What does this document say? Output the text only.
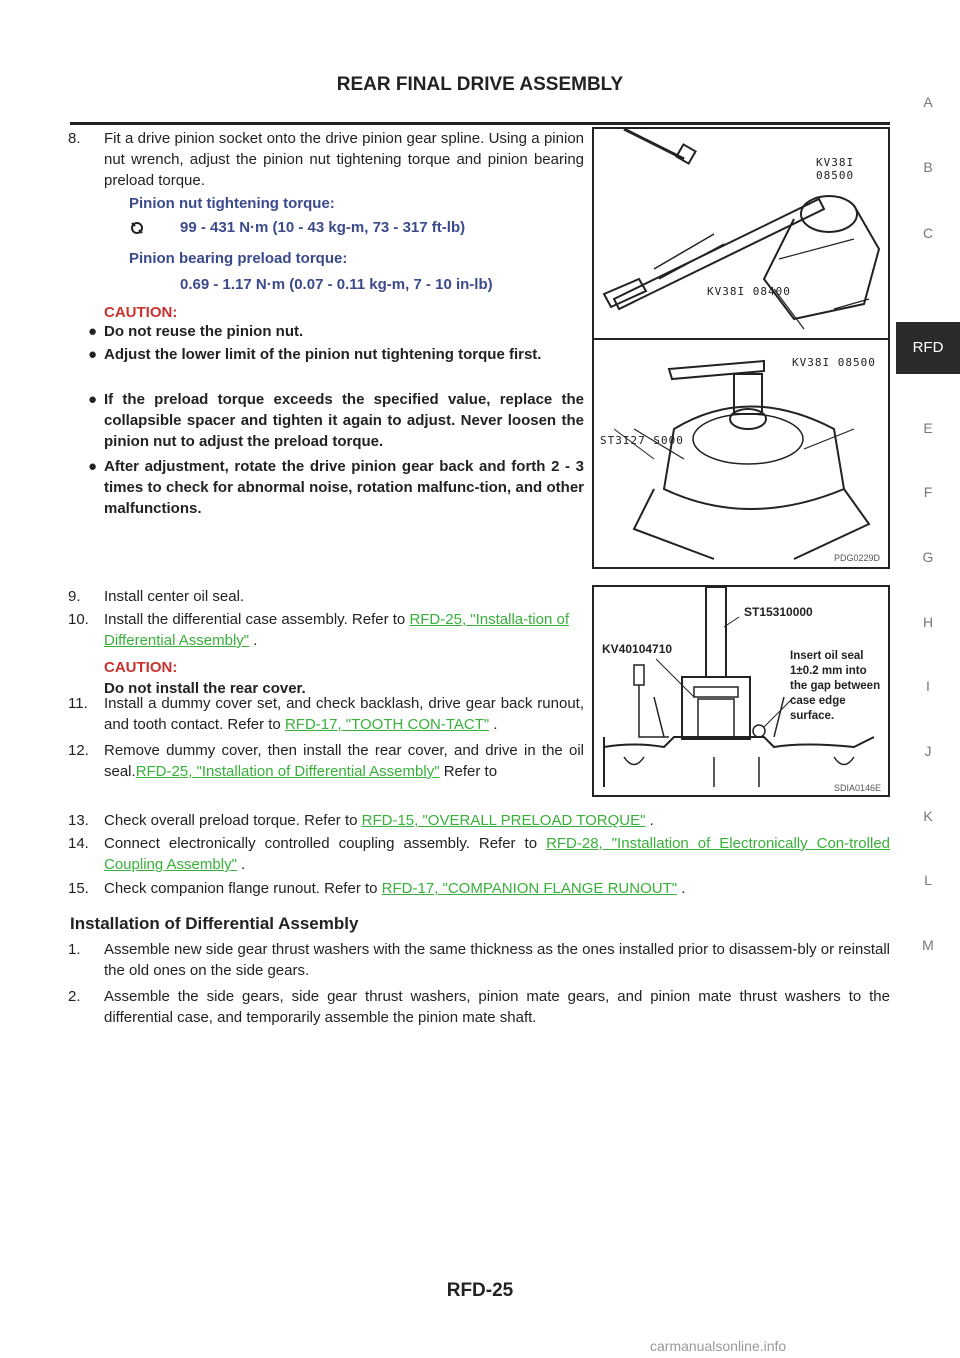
REAR FINAL DRIVE ASSEMBLY
A
B
C
RFD
E
F
G
H
I
J
K
L
M
8.	Fit a drive pinion socket onto the drive pinion gear spline. Using a pinion nut wrench, adjust the pinion nut tightening torque and pinion bearing preload torque.
Pinion nut tightening torque:
99 - 431 N·m (10 - 43 kg-m, 73 - 317 ft-lb)
Pinion bearing preload torque:
0.69 - 1.17 N·m (0.07 - 0.11 kg-m, 7 - 10 in-lb)
CAUTION:
● Do not reuse the pinion nut.
● Adjust the lower limit of the pinion nut tightening torque first.
● If the preload torque exceeds the specified value, replace the collapsible spacer and tighten it again to adjust. Never loosen the pinion nut to adjust the preload torque.
● After adjustment, rotate the drive pinion gear back and forth 2 - 3 times to check for abnormal noise, rotation malfunc-tion, and other malfunctions.
KV38I 08500
KV38I 08400
KV38I 08500
ST3I27 S000
PDG0229D
9.	Install center oil seal.
10.	Install the differential case assembly. Refer to RFD-25, "Installa-tion of Differential Assembly" .
CAUTION:
Do not install the rear cover.
11.	Install a dummy cover set, and check backlash, drive gear back runout, and tooth contact. Refer to RFD-17, "TOOTH CON-TACT" .
12.	Remove dummy cover, then install the rear cover, and drive in the oil seal.RFD-25, "Installation of Differential Assembly" Refer to
ST15310000
KV40104710	Insert oil seal 1±0.2 mm into the gap between case edge surface.
SDIA0146E
13.	Check overall preload torque. Refer to RFD-15, "OVERALL PRELOAD TORQUE" .
14.	Connect electronically controlled coupling assembly. Refer to RFD-28, "Installation of Electronically Con-trolled Coupling Assembly" .
15.	Check companion flange runout. Refer to RFD-17, "COMPANION FLANGE RUNOUT" .
Installation of Differential Assembly
1.	Assemble new side gear thrust washers with the same thickness as the ones installed prior to disassem-bly or reinstall the old ones on the side gears.
2.	Assemble the side gears, side gear thrust washers, pinion mate gears, and pinion mate thrust washers to the differential case, and temporarily assemble the pinion mate shaft.
RFD-25
carmanualsonline.info
